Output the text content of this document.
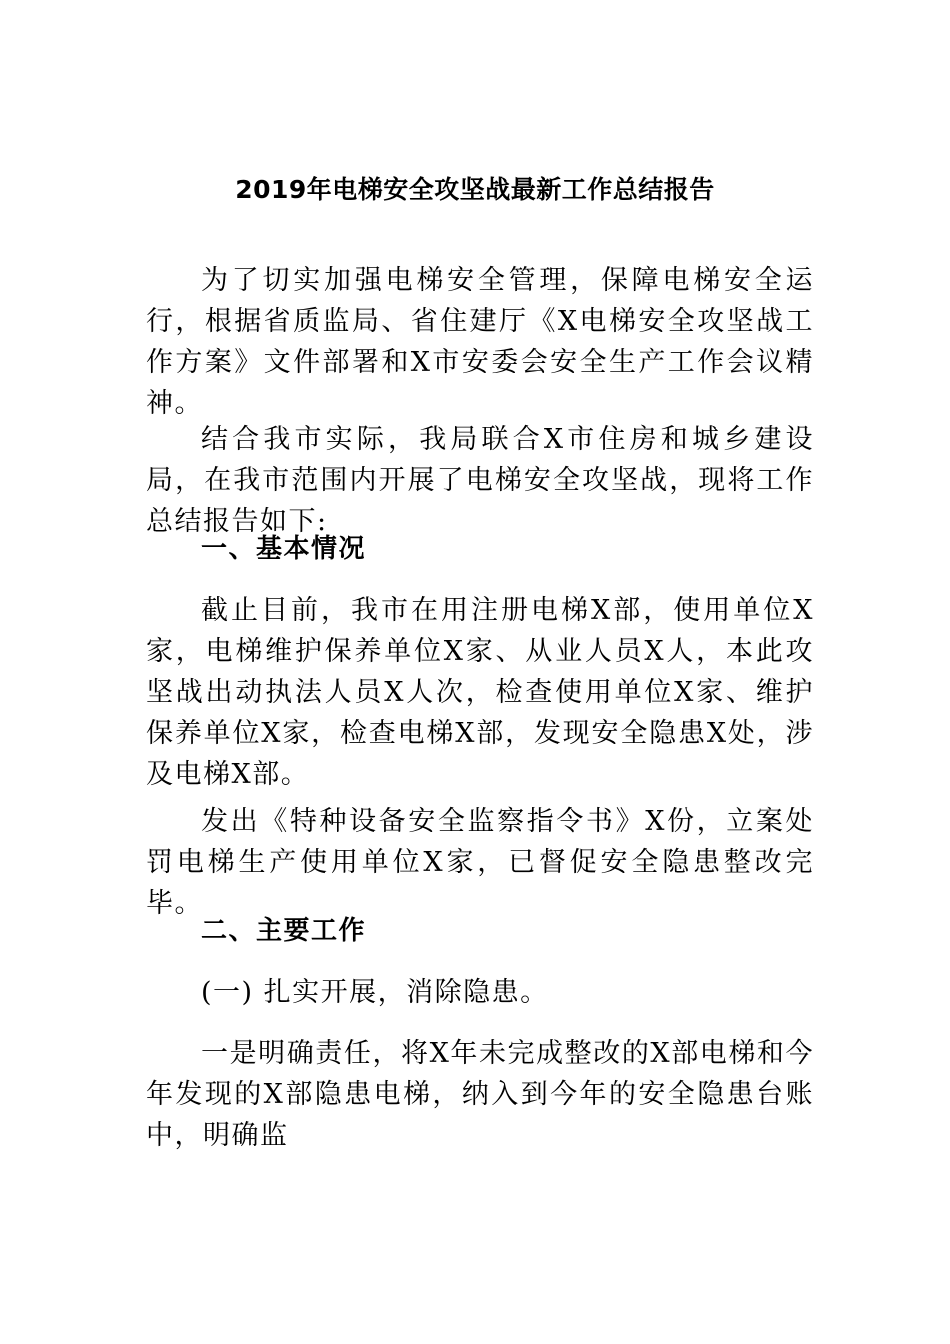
2019年电梯安全攻坚战最新工作总结报告

为了切实加强电梯安全管理，保障电梯安全运行，根据省质监局、省住建厅《X电梯安全攻坚战工作方案》文件部署和X市安委会安全生产工作会议精神。

结合我市实际，我局联合X市住房和城乡建设局，在我市范围内开展了电梯安全攻坚战，现将工作总结报告如下:

一、基本情况

截止目前，我市在用注册电梯X部，使用单位X家，电梯维护保养单位X家、从业人员X人，本此攻坚战出动执法人员X人次，检查使用单位X家、维护保养单位X家，检查电梯X部，发现安全隐患X处，涉及电梯X部。

发出《特种设备安全监察指令书》X份，立案处罚电梯生产使用单位X家，已督促安全隐患整改完毕。

二、主要工作

(一) 扎实开展，消除隐患。

一是明确责任，将X年未完成整改的X部电梯和今年发现的X部隐患电梯，纳入到今年的安全隐患台账中，明确监
